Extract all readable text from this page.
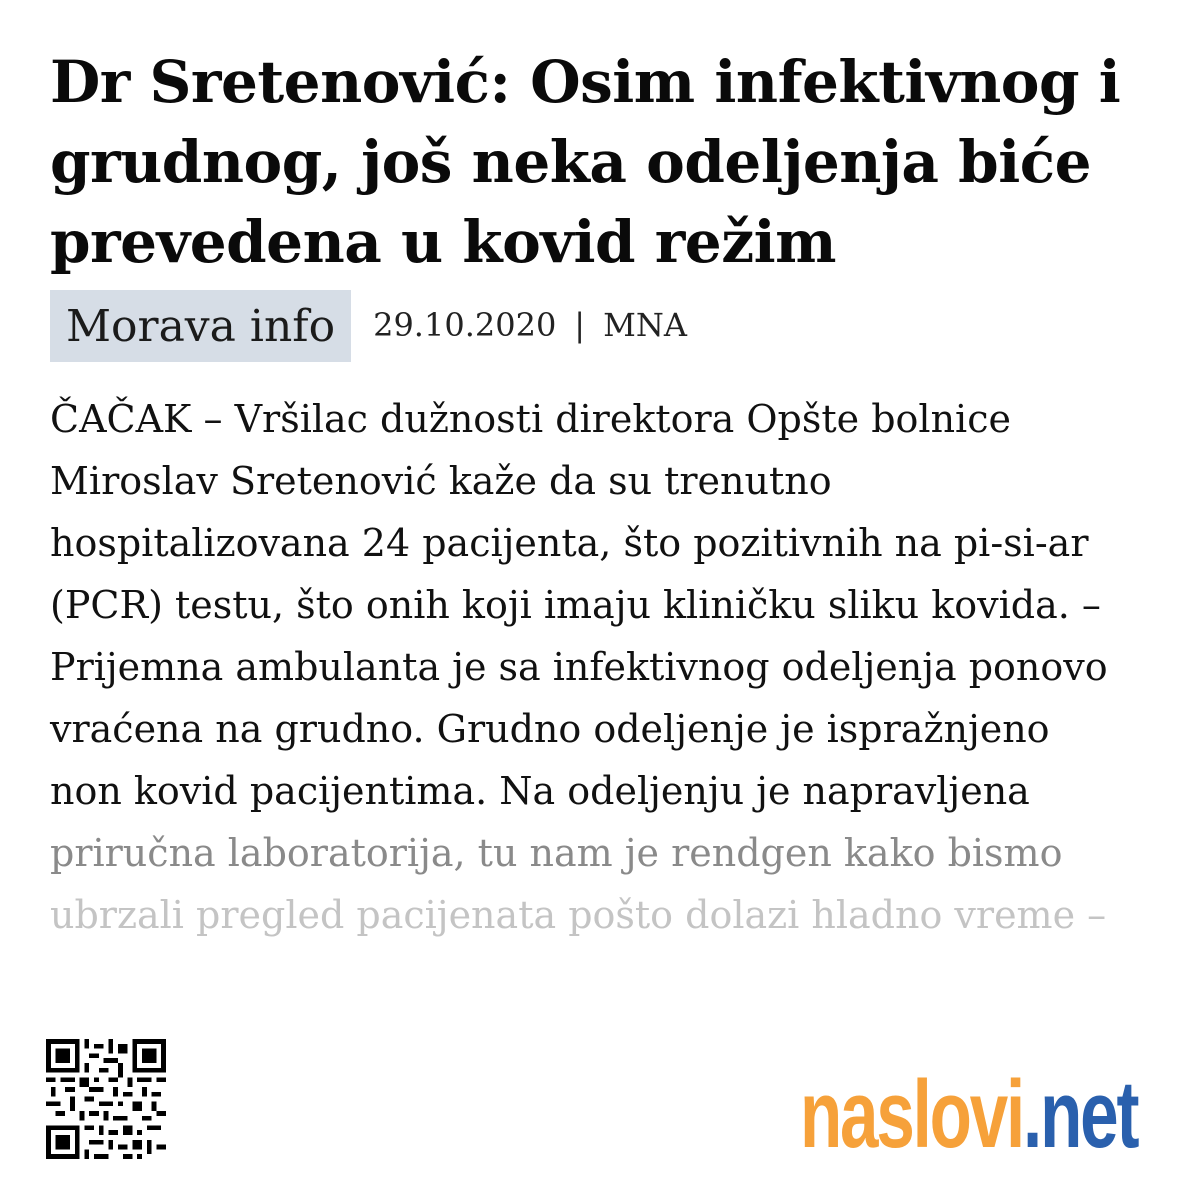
Dr Sretenović: Osim infektivnog i grudnog, još neka odeljenja biće prevedena u kovid režim
Morava info	29.10.2020 | MNA
ČAČAK – Vršilac dužnosti direktora Opšte bolnice
Miroslav Sretenović kaže da su trenutno
hospitalizovana 24 pacijenta, što pozitivnih na pi-si-ar
(PCR) testu, što onih koji imaju kliničku sliku kovida. –
Prijemna ambulanta je sa infektivnog odeljenja ponovo
vraćena na grudno. Grudno odeljenje je ispražnjeno
non kovid pacijentima. Na odeljenju je napravljena
priručna laboratorija, tu nam je rendgen kako bismo
ubrzali pregled pacijenata pošto dolazi hladno vreme –
naslovi.net
